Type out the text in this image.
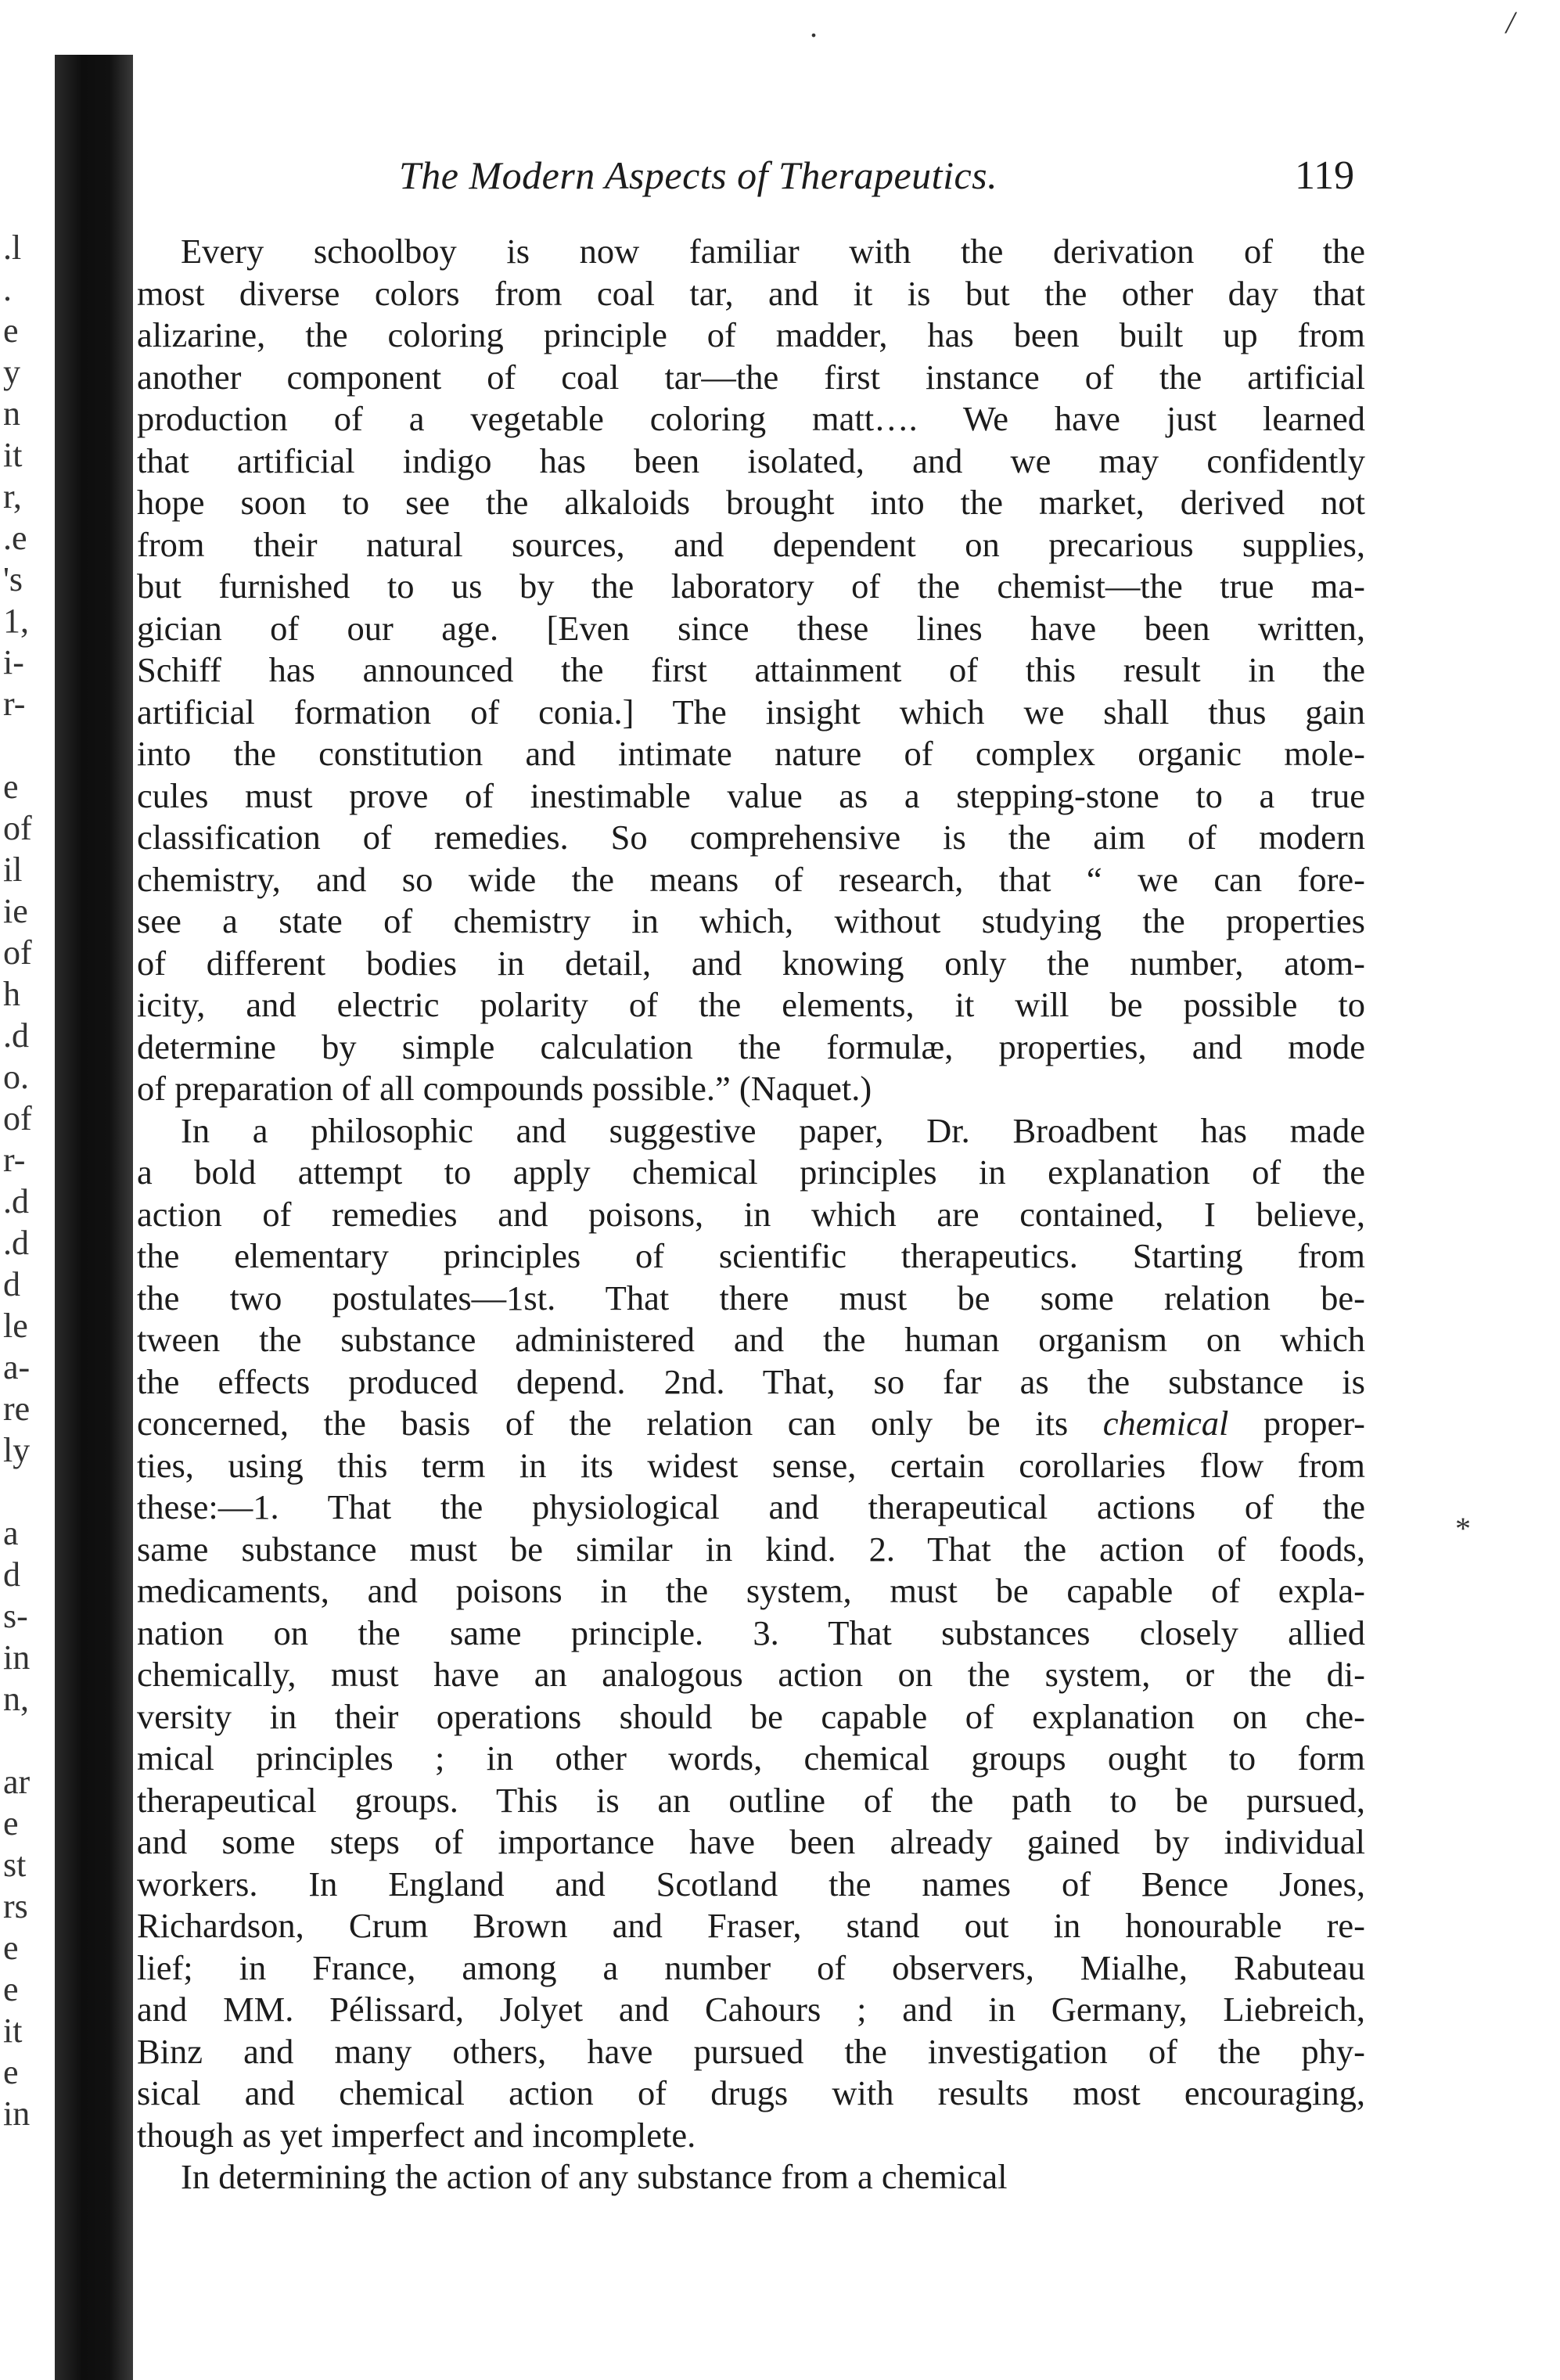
.l
.
e
y
n
it
r,
.e
's
1,
i-
r-
e
of
il
ie
of
h
.d
o.
of
r-
.d
.d
d
le
a-
re
ly
a
d
s-
in
n,
ar
e
st
rs
e
e
it
e
in
.	/
*
The Modern Aspects of Therapeutics.	119
Every schoolboy is now familiar with the derivation of the
most diverse colors from coal tar, and it is but the other day that
alizarine, the coloring principle of madder, has been built up from
another component of coal tar—the first instance of the artificial
production of a vegetable coloring matt…. We have just learned
that artificial indigo has been isolated, and we may confidently
hope soon to see the alkaloids brought into the market, derived not
from their natural sources, and dependent on precarious supplies,
but furnished to us by the laboratory of the chemist—the true ma-
gician of our age. [Even since these lines have been written,
Schiff has announced the first attainment of this result in the
artificial formation of conia.] The insight which we shall thus gain
into the constitution and intimate nature of complex organic mole-
cules must prove of inestimable value as a stepping-stone to a true
classification of remedies. So comprehensive is the aim of modern
chemistry, and so wide the means of research, that “ we can fore-
see a state of chemistry in which, without studying the properties
of different bodies in detail, and knowing only the number, atom-
icity, and electric polarity of the elements, it will be possible to
determine by simple calculation the formulæ, properties, and mode
of preparation of all compounds possible.” (Naquet.)
In a philosophic and suggestive paper, Dr. Broadbent has made
a bold attempt to apply chemical principles in explanation of the
action of remedies and poisons, in which are contained, I believe,
the elementary principles of scientific therapeutics. Starting from
the two postulates—1st. That there must be some relation be-
tween the substance administered and the human organism on which
the effects produced depend. 2nd. That, so far as the substance is
concerned, the basis of the relation can only be its chemical proper-
ties, using this term in its widest sense, certain corollaries flow from
these:—1. That the physiological and therapeutical actions of the
same substance must be similar in kind. 2. That the action of foods,
medicaments, and poisons in the system, must be capable of expla-
nation on the same principle. 3. That substances closely allied
chemically, must have an analogous action on the system, or the di-
versity in their operations should be capable of explanation on che-
mical principles ; in other words, chemical groups ought to form
therapeutical groups. This is an outline of the path to be pursued,
and some steps of importance have been already gained by individual
workers. In England and Scotland the names of Bence Jones,
Richardson, Crum Brown and Fraser, stand out in honourable re-
lief; in France, among a number of observers, Mialhe, Rabuteau
and MM. Pélissard, Jolyet and Cahours ; and in Germany, Liebreich,
Binz and many others, have pursued the investigation of the phy-
sical and chemical action of drugs with results most encouraging,
though as yet imperfect and incomplete.
In determining the action of any substance from a chemical
